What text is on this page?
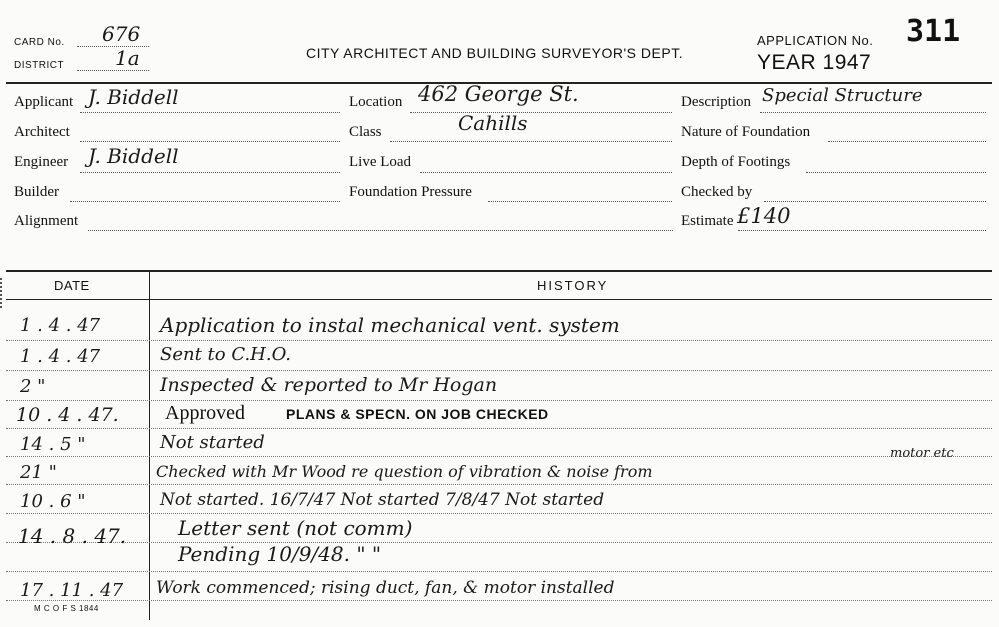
CARD No. 676
DISTRICT	1a	CITY ARCHITECT AND BUILDING SURVEYOR'S DEPT.
APPLICATION No. 311
YEAR 1947
Applicant J. Biddell
Architect
Engineer J. Biddell
Builder
Alignment
Location 462 George St.
Class	Cahills
Live Load
Foundation Pressure
Description Special Structure
Nature of Foundation
Depth of Footings
Checked by
Estimate £140
DATE	HISTORY
1 . 4 . 47	Application to instal mechanical vent. system
1 . 4 . 47	Sent to C.H.O.
2 "	Inspected & reported to Mr Hogan
10 . 4 . 47. Approved	PLANS & SPECN. ON JOB CHECKED
14 . 5 "	Not started
21 "	Checked with Mr Wood re question of vibration & noise from
motor etc
10 . 6 "	Not started. 16/7/47 Not started 7/8/47 Not started
14 . 8 . 47.	Letter sent (not comm)
Pending 10/9/48. " "
17 . 11 . 47 Work commenced; rising duct, fan, & motor installed
M C O F S 1844
